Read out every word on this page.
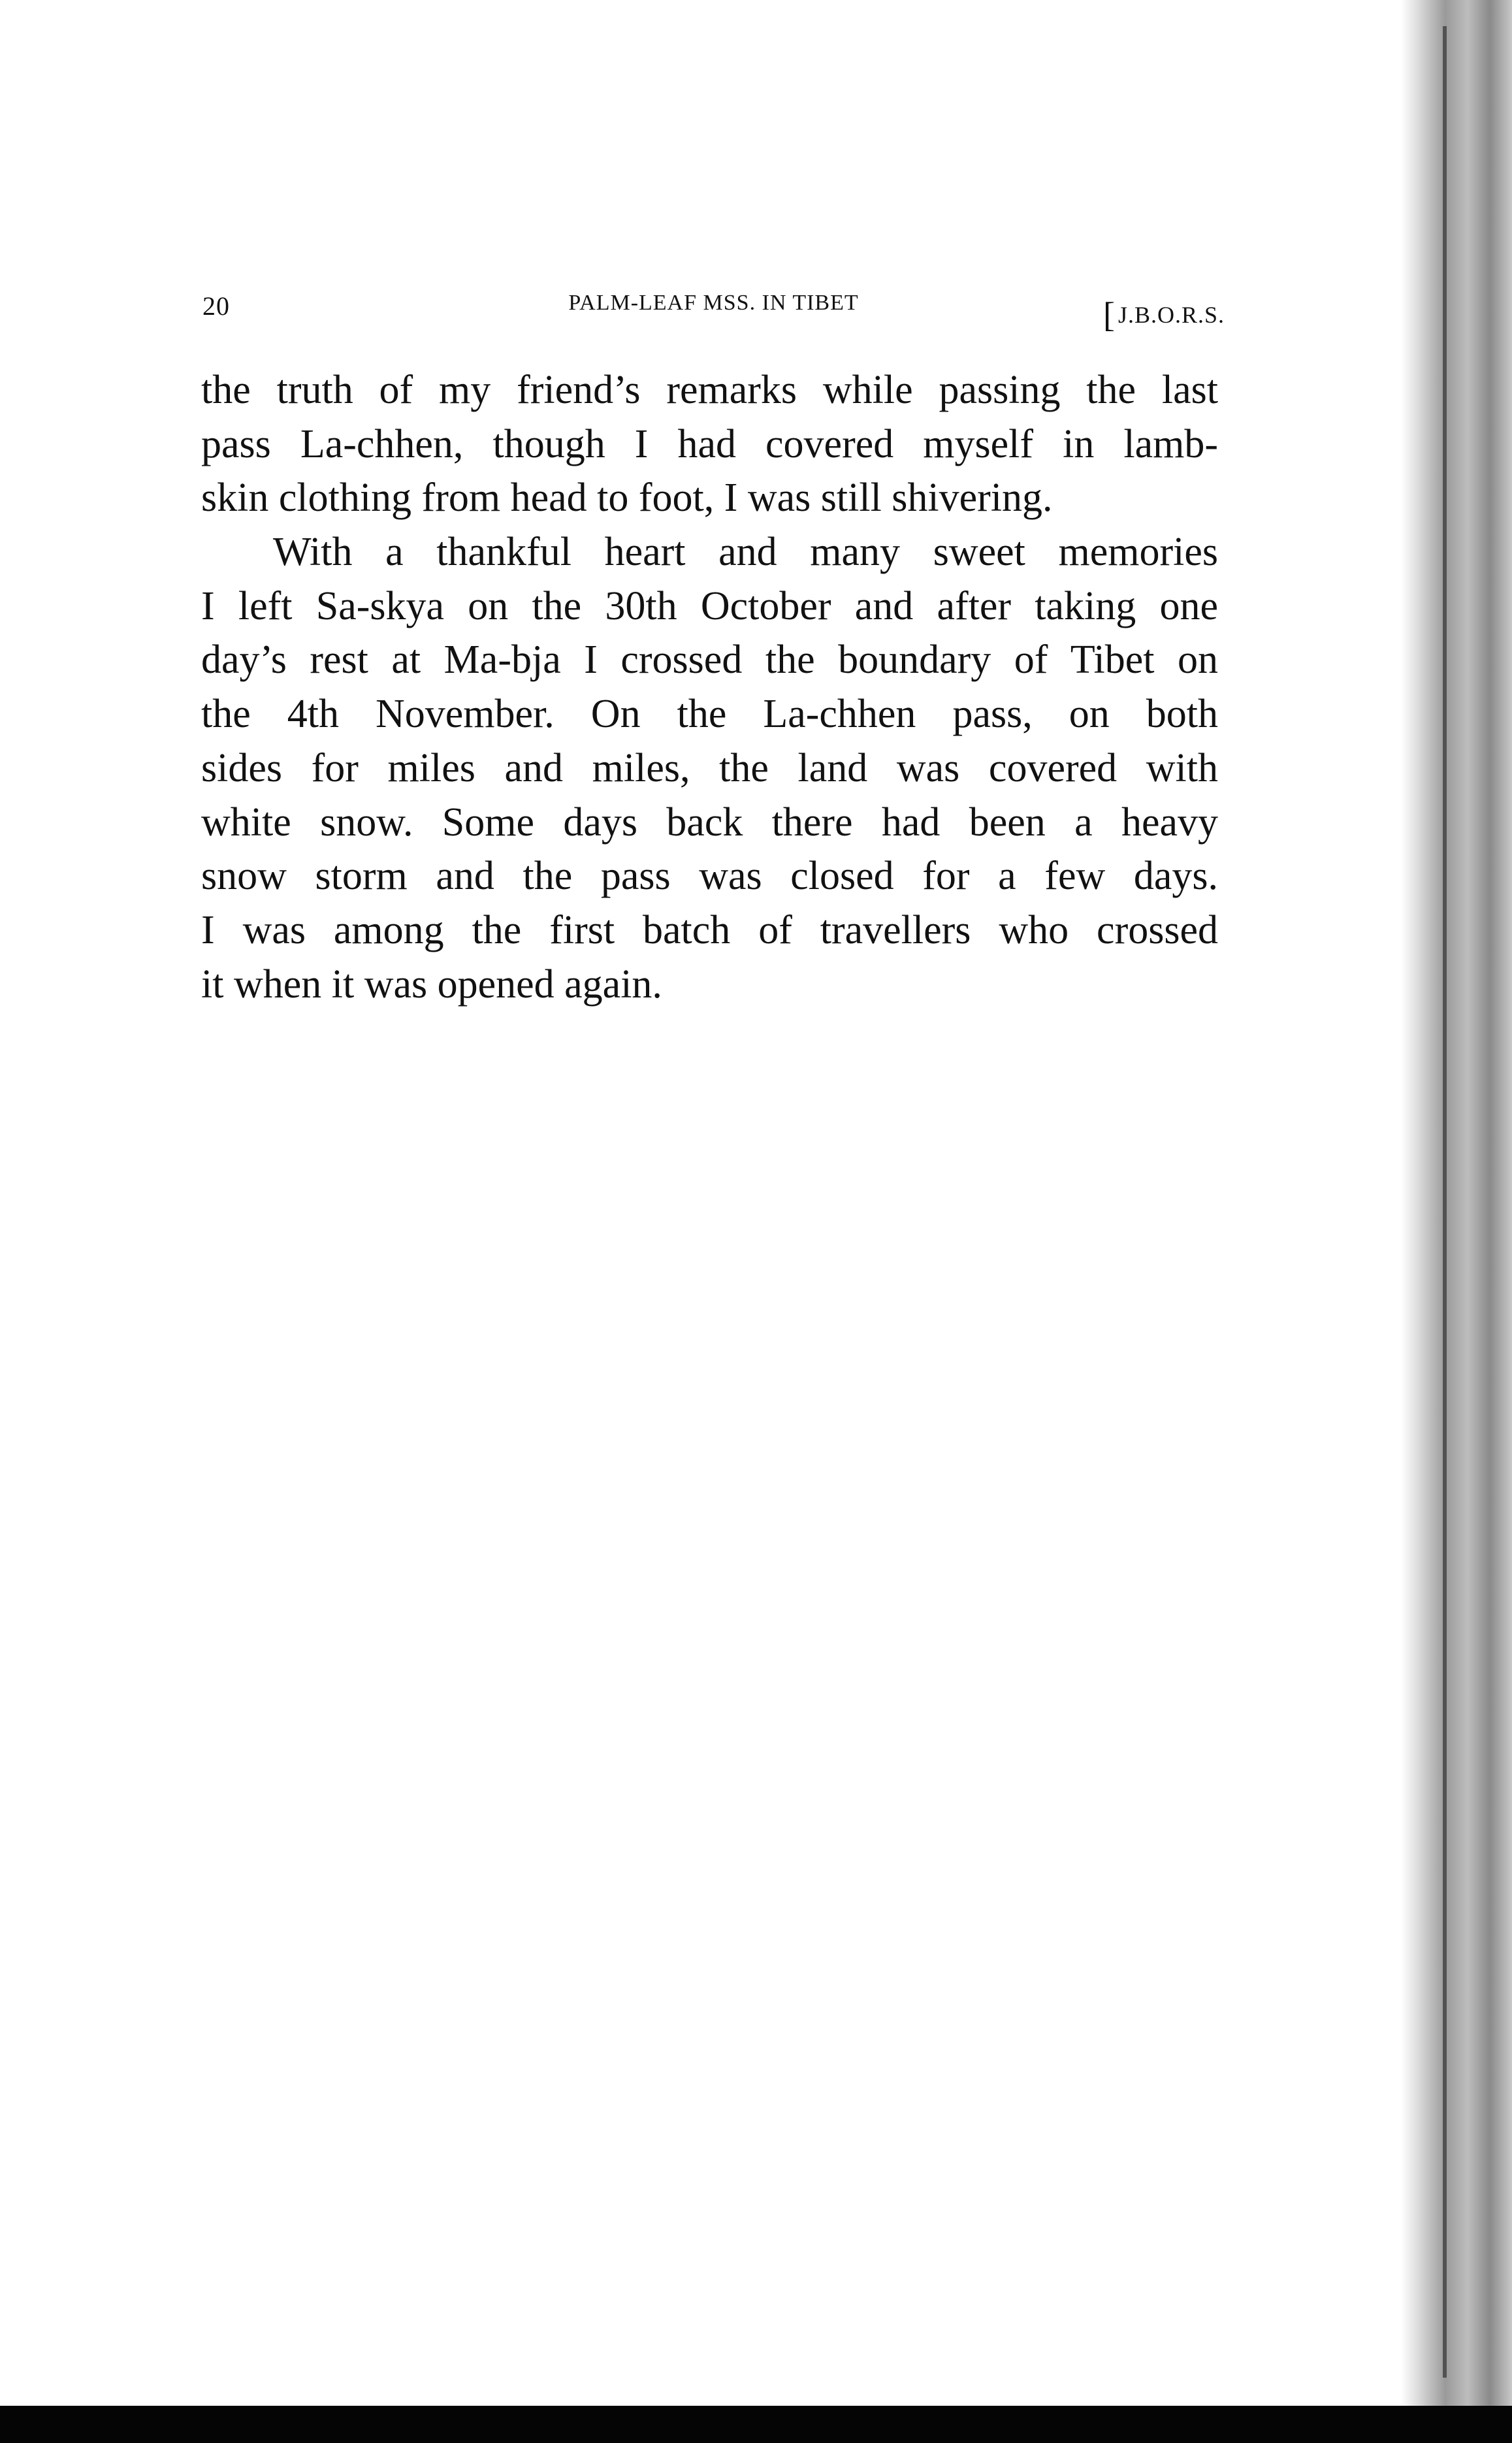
20	PALM-LEAF MSS. IN TIBET	[ J.B.O.R.S.
the truth of my friend’s remarks while passing the last
pass La-chhen, though I had covered myself in lamb-
skin clothing from head to foot, I was still shivering.
With a thankful heart and many sweet memories
I left Sa-skya on the 30th October and after taking one
day’s rest at Ma-bja I crossed the boundary of Tibet on
the 4th November. On the La-chhen pass, on both
sides for miles and miles, the land was covered with
white snow. Some days back there had been a heavy
snow storm and the pass was closed for a few days.
I was among the first batch of travellers who crossed
it when it was opened again.
